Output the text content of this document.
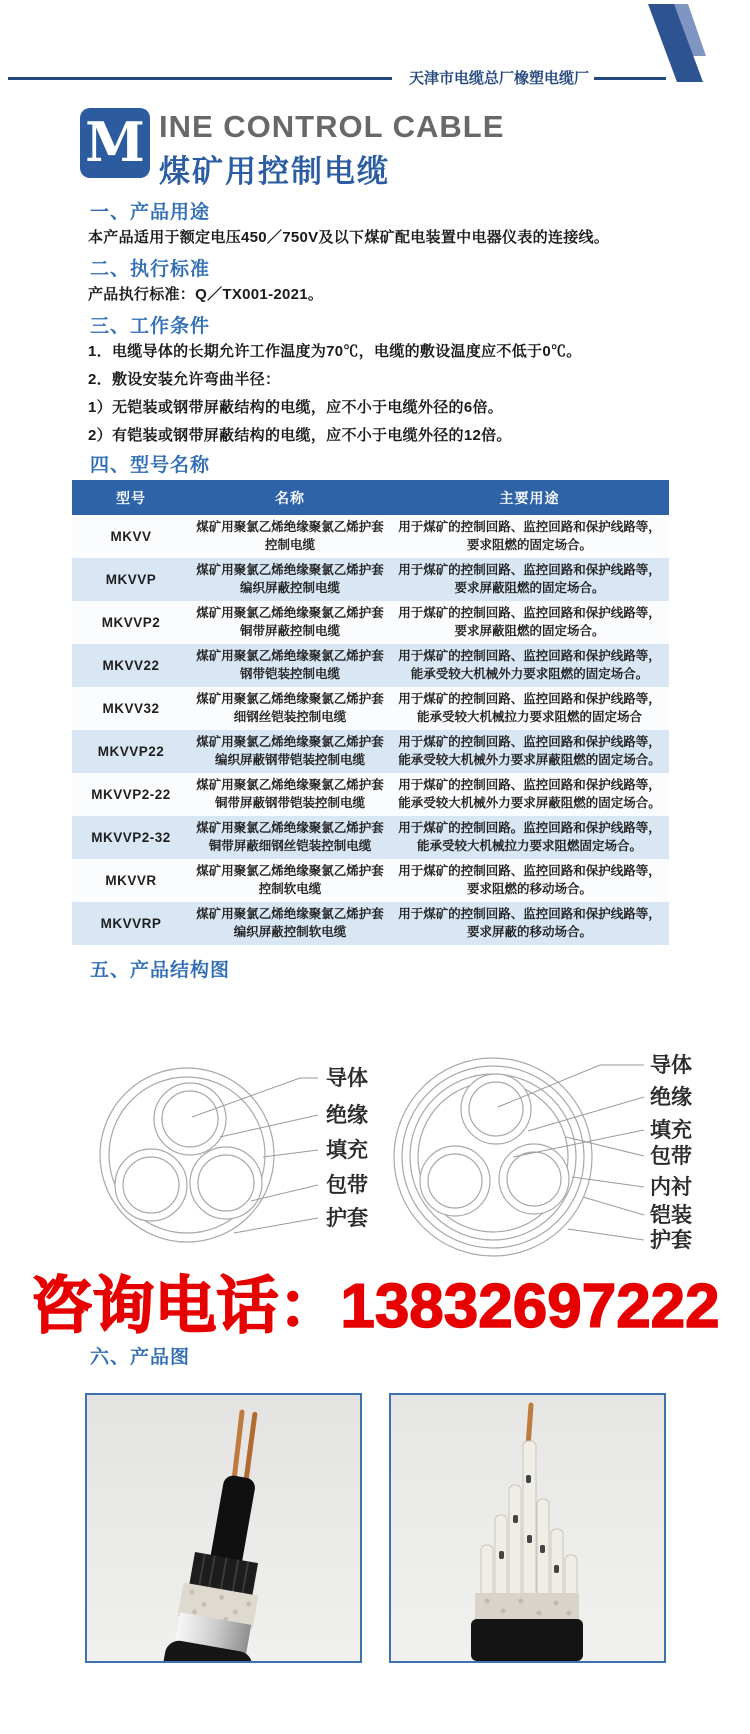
天津市电缆总厂橡塑电缆厂
M INE CONTROL CABLE
煤矿用控制电缆
一、产品用途
本产品适用于额定电压450／750V及以下煤矿配电装置中电器仪表的连接线。
二、执行标准
产品执行标准：Q／TX001-2021。
三、工作条件
1．电缆导体的长期允许工作温度为70℃，电缆的敷设温度应不低于0℃。
2．敷设安装允许弯曲半径：
1）无铠装或钢带屏蔽结构的电缆，应不小于电缆外径的6倍。
2）有铠装或钢带屏蔽结构的电缆，应不小于电缆外径的12倍。
四、型号名称
型号	名称	主要用途
MKVV	煤矿用聚氯乙烯绝缘聚氯乙烯护套控制电缆	用于煤矿的控制回路、监控回路和保护线路等，要求阻燃的固定场合。
MKVVP	煤矿用聚氯乙烯绝缘聚氯乙烯护套编织屏蔽控制电缆	用于煤矿的控制回路、监控回路和保护线路等，要求屏蔽阻燃的固定场合。
MKVVP2	煤矿用聚氯乙烯绝缘聚氯乙烯护套铜带屏蔽控制电缆	用于煤矿的控制回路、监控回路和保护线路等，要求屏蔽阻燃的固定场合。
MKVV22	煤矿用聚氯乙烯绝缘聚氯乙烯护套钢带铠装控制电缆	用于煤矿的控制回路、监控回路和保护线路等，能承受较大机械外力要求阻燃的固定场合。
MKVV32	煤矿用聚氯乙烯绝缘聚氯乙烯护套细钢丝铠装控制电缆	用于煤矿的控制回路、监控回路和保护线路等，能承受较大机械拉力要求阻燃的固定场合
MKVVP22	煤矿用聚氯乙烯绝缘聚氯乙烯护套编织屏蔽钢带铠装控制电缆	用于煤矿的控制回路、监控回路和保护线路等，能承受较大机械外力要求屏蔽阻燃的固定场合。
MKVVP2-22	煤矿用聚氯乙烯绝缘聚氯乙烯护套铜带屏蔽钢带铠装控制电缆	用于煤矿的控制回路、监控回路和保护线路等，能承受较大机械外力要求屏蔽阻燃的固定场合。
MKVVP2-32	煤矿用聚氯乙烯绝缘聚氯乙烯护套铜带屏蔽细钢丝铠装控制电缆	用于煤矿的控制回路。监控回路和保护线路等，能承受较大机械拉力要求阻燃固定场合。
MKVVR	煤矿用聚氯乙烯绝缘聚氯乙烯护套控制软电缆	用于煤矿的控制回路、监控回路和保护线路等，要求阻燃的移动场合。
MKVVRP	煤矿用聚氯乙烯绝缘聚氯乙烯护套编织屏蔽控制软电缆	用于煤矿的控制回路、监控回路和保护线路等，要求屏蔽的移动场合。
五、产品结构图
导体
绝缘
填充
包带
护套
导体
绝缘
填充
包带
内衬
铠装
护套
咨询电话：13832697222
六、产品图
